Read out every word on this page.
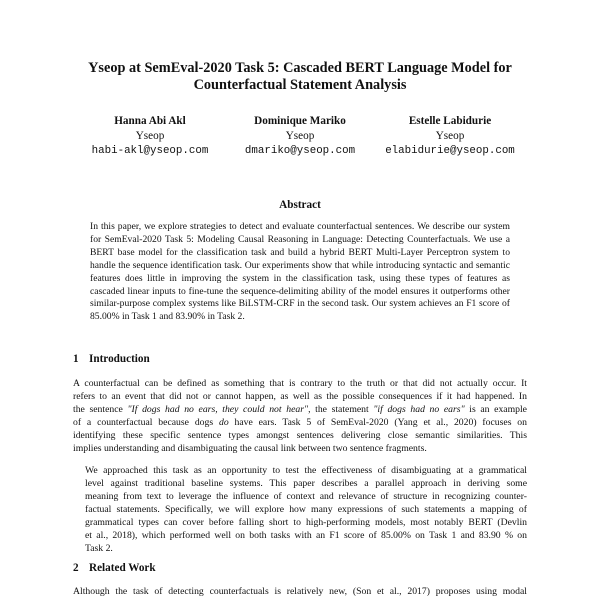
Yseop at SemEval-2020 Task 5: Cascaded BERT Language Model for
Counterfactual Statement Analysis
Hanna Abi Akl
Yseop
habi-akl@yseop.com
Dominique Mariko
Yseop
dmariko@yseop.com
Estelle Labidurie
Yseop
elabidurie@yseop.com
Abstract
In this paper, we explore strategies to detect and evaluate counterfactual sentences. We describe our system for SemEval-2020 Task 5: Modeling Causal Reasoning in Language: Detecting Counterfactuals. We use a BERT base model for the classification task and build a hybrid BERT Multi-Layer Perceptron system to handle the sequence identification task. Our experiments show that while introducing syntactic and semantic features does little in improving the system in the classification task, using these types of features as cascaded linear inputs to fine-tune the sequence-delimiting ability of the model ensures it outperforms other similar-purpose complex systems like BiLSTM-CRF in the second task. Our system achieves an F1 score of 85.00% in Task 1 and 83.90% in Task 2.
1 Introduction
A counterfactual can be defined as something that is contrary to the truth or that did not actually occur. It
refers to an event that did not or cannot happen, as well as the possible consequences if it had happened. In
the sentence "If dogs had no ears, they could not hear", the statement "if dogs had no ears" is an example
of a counterfactual because dogs do have ears. Task 5 of SemEval-2020 (Yang et al., 2020) focuses on
identifying these specific sentence types amongst sentences delivering close semantic similarities. This
implies understanding and disambiguating the causal link between two sentence fragments.
We approached this task as an opportunity to test the effectiveness of disambiguating at a grammatical
level against traditional baseline systems. This paper describes a parallel approach in deriving some
meaning from text to leverage the influence of context and relevance of structure in recognizing counter-
factual statements. Specifically, we will explore how many expressions of such statements a mapping of
grammatical types can cover before falling short to high-performing models, most notably BERT (Devlin
et al., 2018), which performed well on both tasks with an F1 score of 85.00% on Task 1 and 83.90 % on
Task 2.
2 Related Work
Although the task of detecting counterfactuals is relatively new, (Son et al., 2017) proposes using modal
